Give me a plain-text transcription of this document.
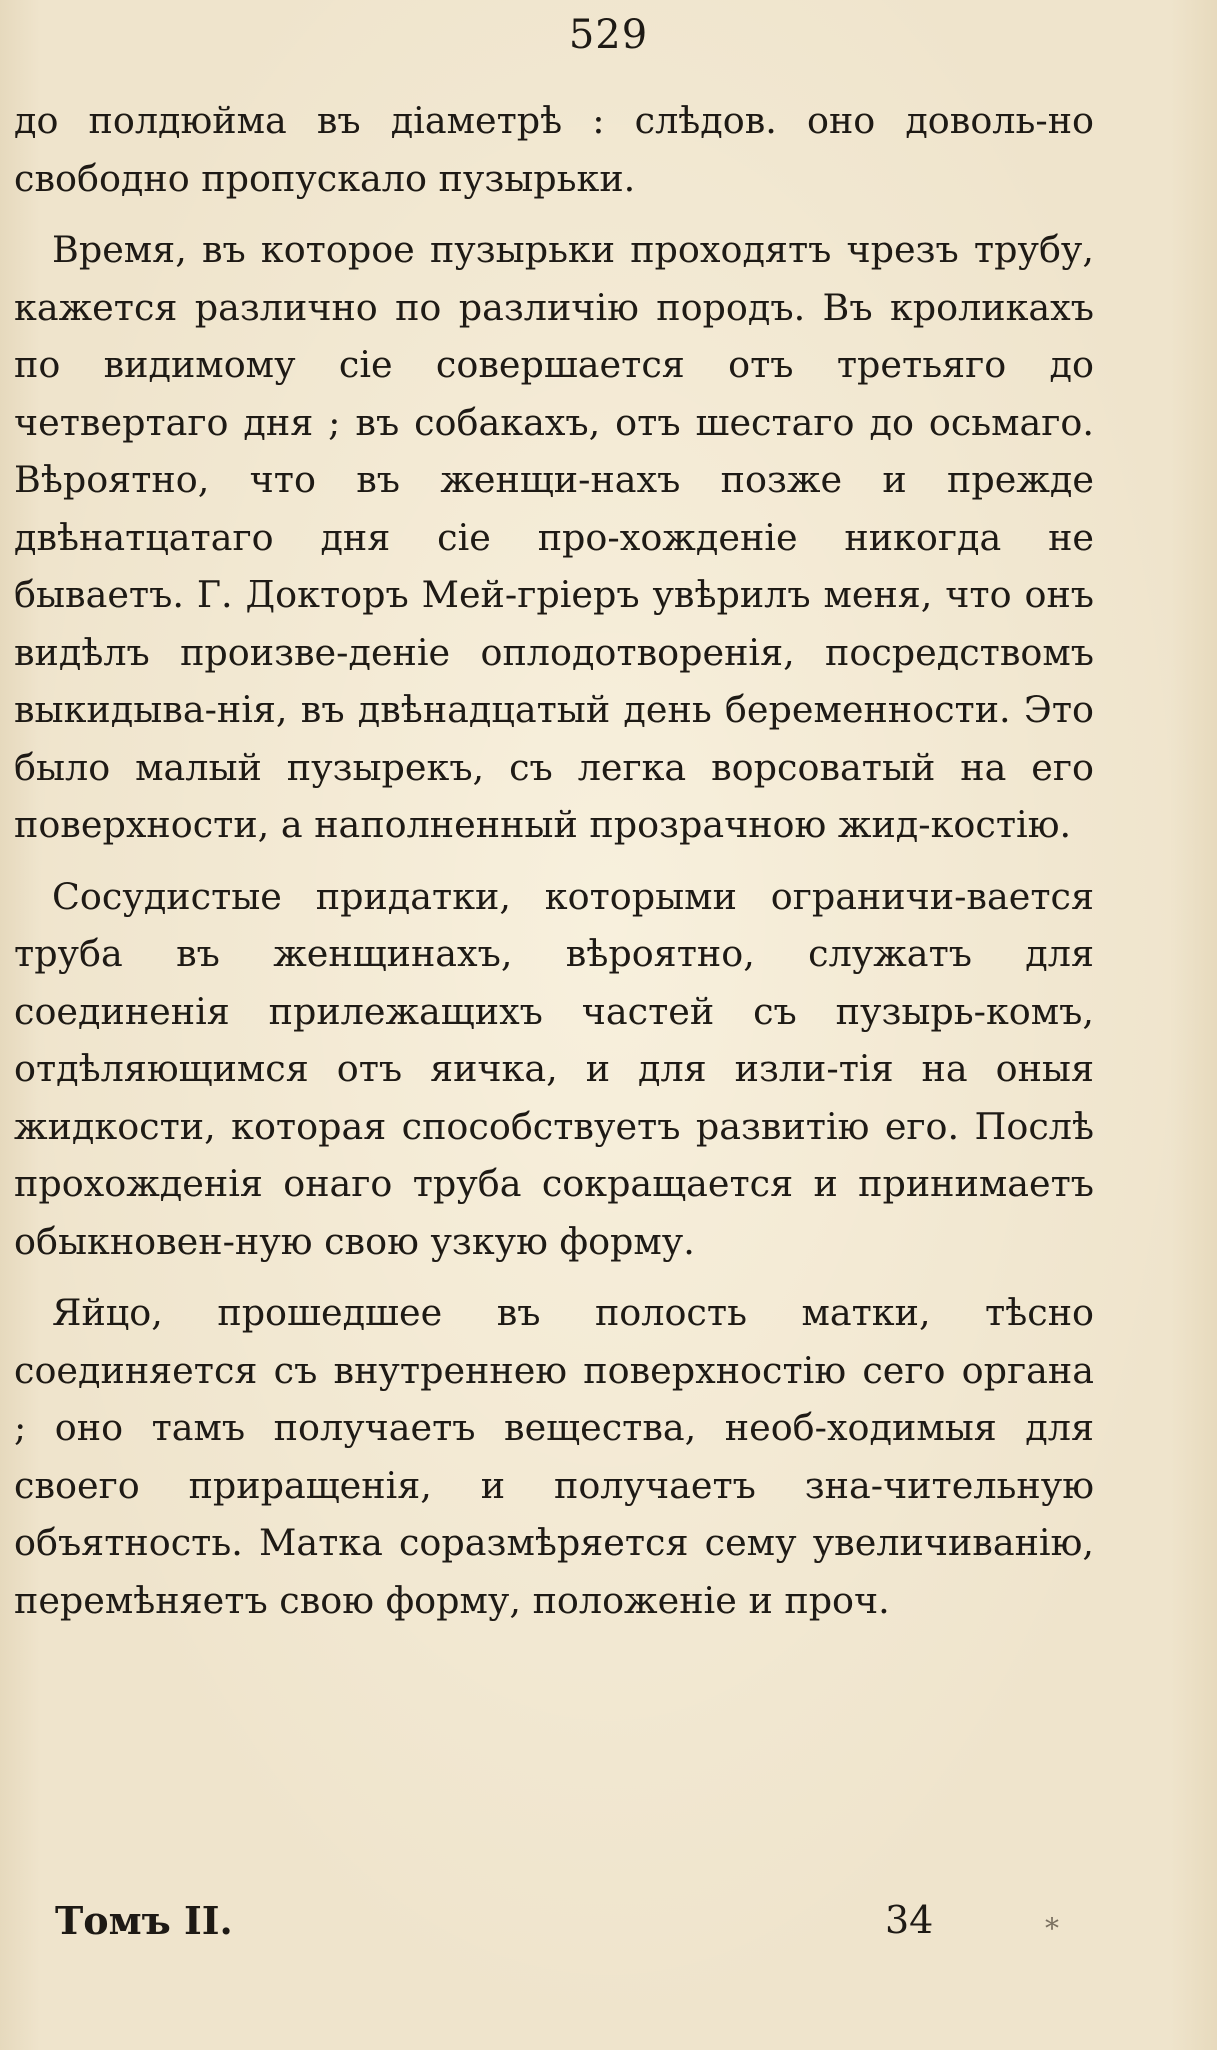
529

до полдюйма въ діаметрѣ : слѣдов. оно доволь-но свободно пропускало пузырьки.

Время, въ которое пузырьки проходятъ чрезъ трубу, кажется различно по различію породъ. Въ кроликахъ по видимому сіе совершается отъ третьяго до четвертаго дня ; въ собакахъ, отъ шестаго до осьмаго. Вѣроятно, что въ женщи-нахъ позже и прежде двѣнатцатаго дня сіе про-хожденіе никогда не бываетъ. Г. Докторъ Мей-гріеръ увѣрилъ меня, что онъ видѣлъ произве-деніе оплодотворенія, посредствомъ выкидыва-нія, въ двѣнадцатый день беременности. Это было малый пузырекъ, съ легка ворсоватый на его поверхности, а наполненный прозрачною жид-костію.

Сосудистые придатки, которыми ограничи-вается труба въ женщинахъ, вѣроятно, служатъ для соединенія прилежащихъ частей съ пузырь-комъ, отдѣляющимся отъ яичка, и для изли-тія на оныя жидкости, которая способствуетъ развитію его. Послѣ прохожденія онаго труба сокращается и принимаетъ обыкновен-ную свою узкую форму.

Яйцо, прошедшее въ полость матки, тѣсно соединяется съ внутреннею поверхностію сего органа ; оно тамъ получаетъ вещества, необ-ходимыя для своего приращенія, и получаетъ зна-чительную объятность. Матка соразмѣряется сему увеличиванію, перемѣняетъ свою форму, положеніе и проч.

Томъ II.	34	*
